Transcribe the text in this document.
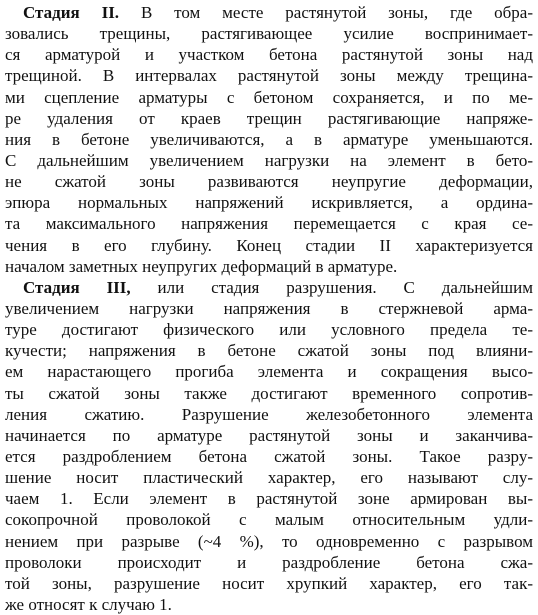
Стадия II. В том месте растянутой зоны, где обра-
зовались трещины, растягивающее усилие воспринимает-
ся арматурой и участком бетона растянутой зоны над
трещиной. В интервалах растянутой зоны между трещина-
ми сцепление арматуры с бетоном сохраняется, и по ме-
ре удаления от краев трещин растягивающие напряже-
ния в бетоне увеличиваются, а в арматуре уменьшаются.
С дальнейшим увеличением нагрузки на элемент в бето-
не сжатой зоны развиваются неупругие деформации,
эпюра нормальных напряжений искривляется, а ордина-
та максимального напряжения перемещается с края се-
чения в его глубину. Конец стадии II характеризуется
началом заметных неупругих деформаций в арматуре.
Стадия III, или стадия разрушения. С дальнейшим
увеличением нагрузки напряжения в стержневой арма-
туре достигают физического или условного предела те-
кучести; напряжения в бетоне сжатой зоны под влияни-
ем нарастающего прогиба элемента и сокращения высо-
ты сжатой зоны также достигают временного сопротив-
ления сжатию. Разрушение железобетонного элемента
начинается по арматуре растянутой зоны и заканчива-
ется раздроблением бетона сжатой зоны. Такое разру-
шение носит пластический характер, его называют слу-
чаем 1. Если элемент в растянутой зоне армирован вы-
сокопрочной проволокой с малым относительным удли-
нением при разрыве (~4 %), то одновременно с разрывом
проволоки происходит и раздробление бетона сжа-
той зоны, разрушение носит хрупкий характер, его так-
же относят к случаю 1.
